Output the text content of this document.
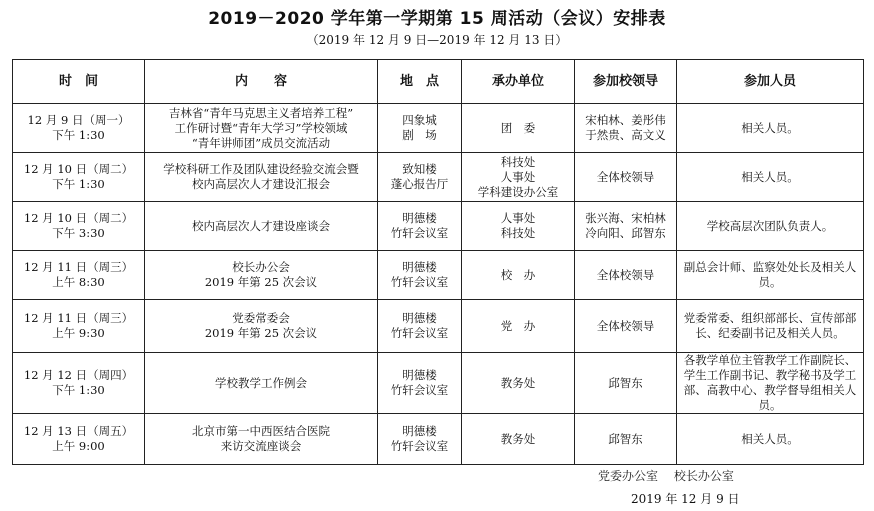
2019－2020 学年第一学期第 15 周活动（会议）安排表
（2019 年 12 月 9 日—2019 年 12 月 13 日）
时　间	内　　容	地　点	承办单位	参加校领导	参加人员

12 月 9 日（周一）
下午 1:30	吉林省“青年马克思主义者培养工程”
工作研讨暨“青年大学习”学校领域
“青年讲师团”成员交流活动	四象城
剧　场	团　委	宋柏林、姜彤伟
于然贵、高文义	相关人员。

12 月 10 日（周二）
下午 1:30	学校科研工作及团队建设经验交流会暨
校内高层次人才建设汇报会	致知楼
蓬心报告厅	科技处
人事处
学科建设办公室	全体校领导	相关人员。

12 月 10 日（周二）
下午 3:30	校内高层次人才建设座谈会	明德楼
竹轩会议室	人事处
科技处	张兴海、宋柏林
冷向阳、邱智东	学校高层次团队负责人。

12 月 11 日（周三）
上午 8:30	校长办公会
2019 年第 25 次会议	明德楼
竹轩会议室	校　办	全体校领导	副总会计师、监察处处长及相关人员。

12 月 11 日（周三）
上午 9:30	党委常委会
2019 年第 25 次会议	明德楼
竹轩会议室	党　办	全体校领导	党委常委、组织部部长、宣传部部长、纪委副书记及相关人员。

12 月 12 日（周四）
下午 1:30	学校教学工作例会	明德楼
竹轩会议室	教务处	邱智东	各教学单位主管教学工作副院长、学生工作副书记、教学秘书及学工部、高教中心、教学督导组相关人员。

12 月 13 日（周五）
上午 9:00	北京市第一中西医结合医院
来访交流座谈会	明德楼
竹轩会议室	教务处	邱智东	相关人员。
党委办公室　 校长办公室
2019 年 12 月 9 日
